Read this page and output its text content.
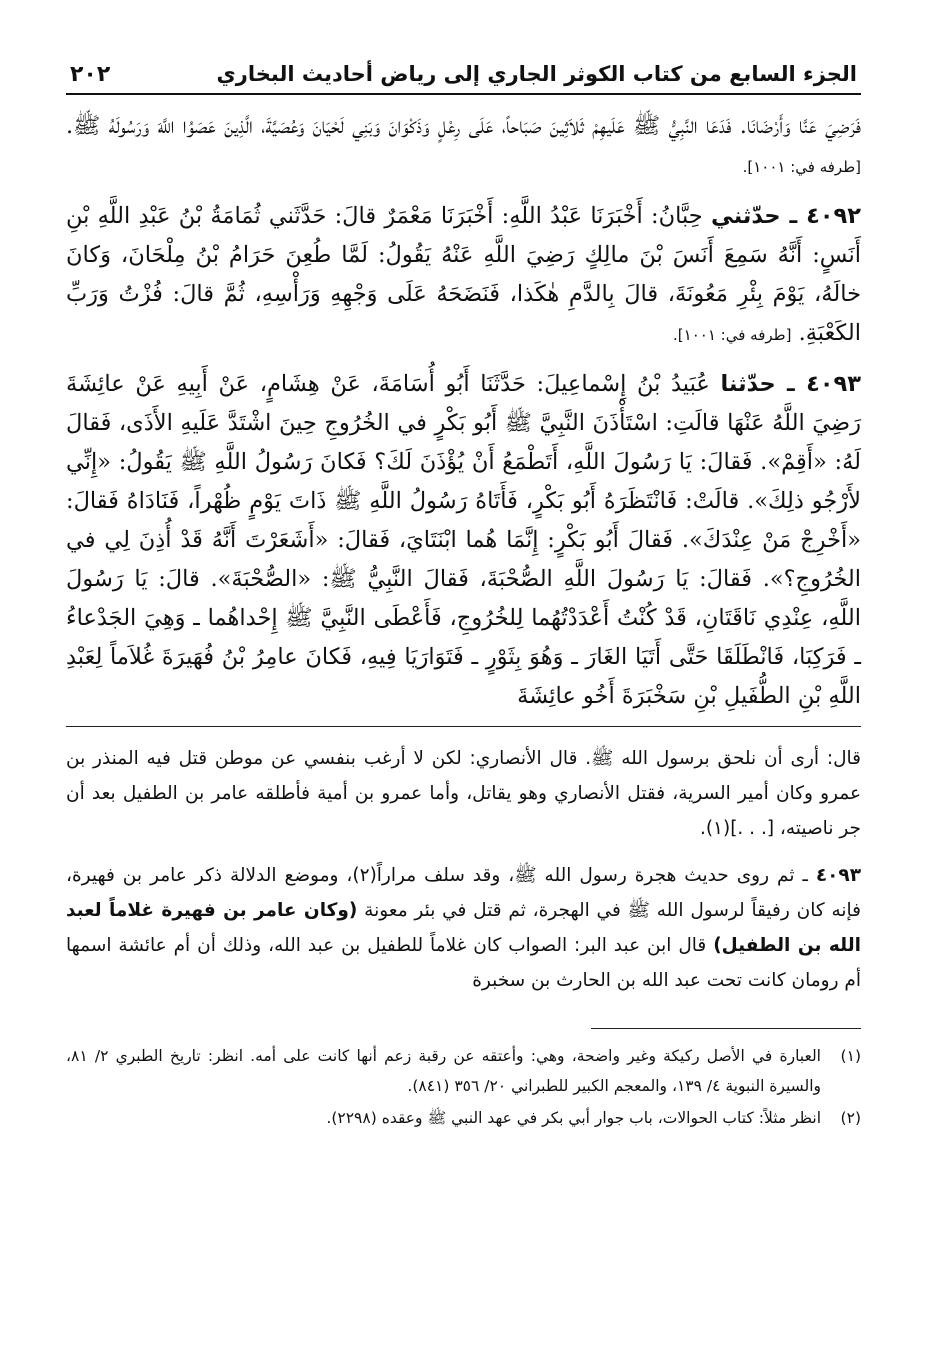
٢٠٢	الجزء السابع من كتاب الكوثر الجاري إلى رياض أحاديث البخاري

فَرَضِيَ عَنَّا وَأَرْضَانَا. فَدَعَا النَّبِيُّ ﷺ عَلَيهِمْ ثَلاَثِينَ صَبَاحاً، عَلَى رِعْلٍ وَذَكْوَانَ وَبَنِي لَحْيَانَ وَعُصَيَّةَ، الَّذِينَ عَصَوُا اللَّهَ وَرَسُولَهُ ﷺ. [طرفه في: ١٠٠١].

٤٠٩٢ ـ حدّثني حِبَّانُ: أَخْبَرَنَا عَبْدُ اللَّهِ: أَخْبَرَنَا مَعْمَرٌ قالَ: حَدَّثَني ثُمَامَةُ بْنُ عَبْدِ اللَّهِ بْنِ أَنَسٍ: أَنَّهُ سَمِعَ أَنَسَ بْنَ مالِكٍ رَضِيَ اللَّهِ عَنْهُ يَقُولُ: لَمَّا طُعِنَ حَرَامُ بْنُ مِلْحَانَ، وَكانَ خالَهُ، يَوْمَ بِئْرِ مَعُونَةَ، قالَ بِالدَّمِ هٰكَذا، فَنَضَحَهُ عَلَى وَجْهِهِ وَرَأْسِهِ، ثُمَّ قالَ: فُزْتُ وَرَبِّ الكَعْبَةِ. [طرفه في: ١٠٠١].

٤٠٩٣ ـ حدّثنا عُبَيدُ بْنُ إِسْماعِيلَ: حَدَّثَنَا أَبُو أُسَامَةَ، عَنْ هِشَامٍ، عَنْ أَبِيهِ عَنْ عائِشَةَ رَضِيَ اللَّهُ عَنْهَا قالَتِ: اسْتَأْذَنَ النَّبِيَّ ﷺ أَبُو بَكْرٍ في الخُرُوجِ حِينَ اشْتَدَّ عَلَيهِ الأَذَى، فَقالَ لَهُ: «أَقِمْ». فَقالَ: يَا رَسُولَ اللَّهِ، أَتَطْمَعُ أَنْ يُؤْذَنَ لَكَ؟ فَكانَ رَسُولُ اللَّهِ ﷺ يَقُولُ: «إِنِّي لأَرْجُو ذلِكَ». قالَتْ: فَانْتَظَرَهُ أَبُو بَكْرٍ، فَأَتَاهُ رَسُولُ اللَّهِ ﷺ ذَاتَ يَوْمٍ ظُهْراً، فَنَادَاهُ فَقالَ: «أَخْرِجْ مَنْ عِنْدَكَ». فَقالَ أَبُو بَكْرٍ: إِنَّمَا هُما ابْنَتَايَ، فَقالَ: «أَشَعَرْتَ أَنَّهُ قَدْ أُذِنَ لِي في الخُرُوجِ؟». فَقالَ: يَا رَسُولَ اللَّهِ الصُّحْبَةَ، فَقالَ النَّبِيُّ ﷺ: «الصُّحْبَةَ». قالَ: يَا رَسُولَ اللَّهِ، عِنْدِي نَاقَتَانِ، قَدْ كُنْتُ أَعْدَدْتُهُما لِلخُرُوجِ، فَأَعْطَى النَّبِيَّ ﷺ إِحْداهُما ـ وَهِيَ الجَدْعاءُ ـ فَرَكِبَا، فَانْطَلَقَا حَتَّى أَتَيَا الغَارَ ـ وَهُوَ بِثَوْرٍ ـ فَتَوَارَيَا فِيهِ، فَكانَ عامِرُ بْنُ فُهَيرَةَ غُلاَماً لِعَبْدِ اللَّهِ بْنِ الطُّفَيلِ بْنِ سَخْبَرَةَ أَخُو عائِشَةَ

قال: أرى أن نلحق برسول الله ﷺ. قال الأنصاري: لكن لا أرغب بنفسي عن موطن قتل فيه المنذر بن عمرو وكان أمير السرية، فقتل الأنصاري وهو يقاتل، وأما عمرو بن أمية فأطلقه عامر بن الطفيل بعد أن جر ناصيته، [. . .](١).

٤٠٩٣ ـ ثم روى حديث هجرة رسول الله ﷺ، وقد سلف مراراً(٢)، وموضع الدلالة ذكر عامر بن فهيرة، فإنه كان رفيقاً لرسول الله ﷺ في الهجرة، ثم قتل في بئر معونة (وكان عامر بن فهيرة غلاماً لعبد الله بن الطفيل) قال ابن عبد البر: الصواب كان غلاماً للطفيل بن عبد الله، وذلك أن أم عائشة اسمها أم رومان كانت تحت عبد الله بن الحارث بن سخبرة

(١)
العبارة في الأصل ركيكة وغير واضحة، وهي: وأعتقه عن رقبة زعم أنها كانت على أمه. انظر: تاريخ الطبري ٢/ ٨١، والسيرة النبوية ٤/ ١٣٩، والمعجم الكبير للطبراني ٢٠/ ٣٥٦ (٨٤١).
(٢)
انظر مثلاً: كتاب الحوالات، باب جوار أبي بكر في عهد النبي ﷺ وعقده (٢٢٩٨).
